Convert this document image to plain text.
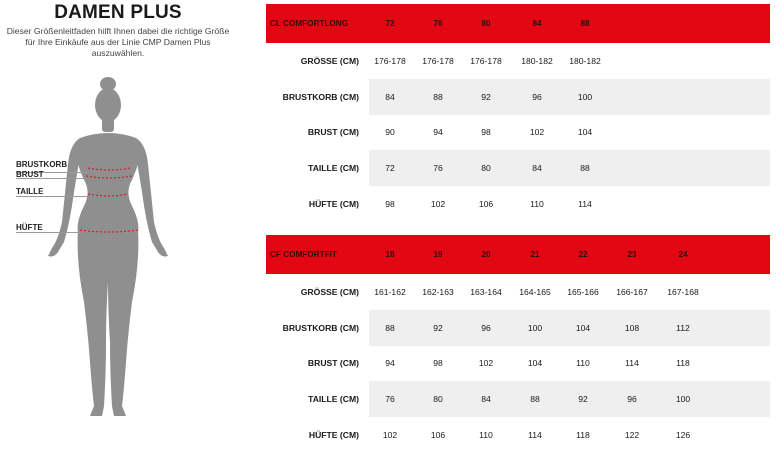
DAMEN PLUS
Dieser Größenleitfaden hilft Ihnen dabei die richtige Größe für Ihre Einkäufe aus der Linie CMP Damen Plus auszuwählen.
BRUSTKORB
BRUST
TAILLE
HÜFTE
CL COMFORTLONG	72	76	80	84	88
GRÖSSE (CM)	176-178	176-178	176-178	180-182	180-182
BRUSTKORB (CM)	84	88	92	96	100
BRUST (CM)	90	94	98	102	104
TAILLE (CM)	72	76	80	84	88
HÜFTE (CM)	98	102	106	110	114
CF COMFORTFIT	18	19	20	21	22	23	24
GRÖSSE (CM)	161-162	162-163	163-164	164-165	165-166	166-167	167-168
BRUSTKORB (CM)	88	92	96	100	104	108	112
BRUST (CM)	94	98	102	104	110	114	118
TAILLE (CM)	76	80	84	88	92	96	100
HÜFTE (CM)	102	106	110	114	118	122	126
